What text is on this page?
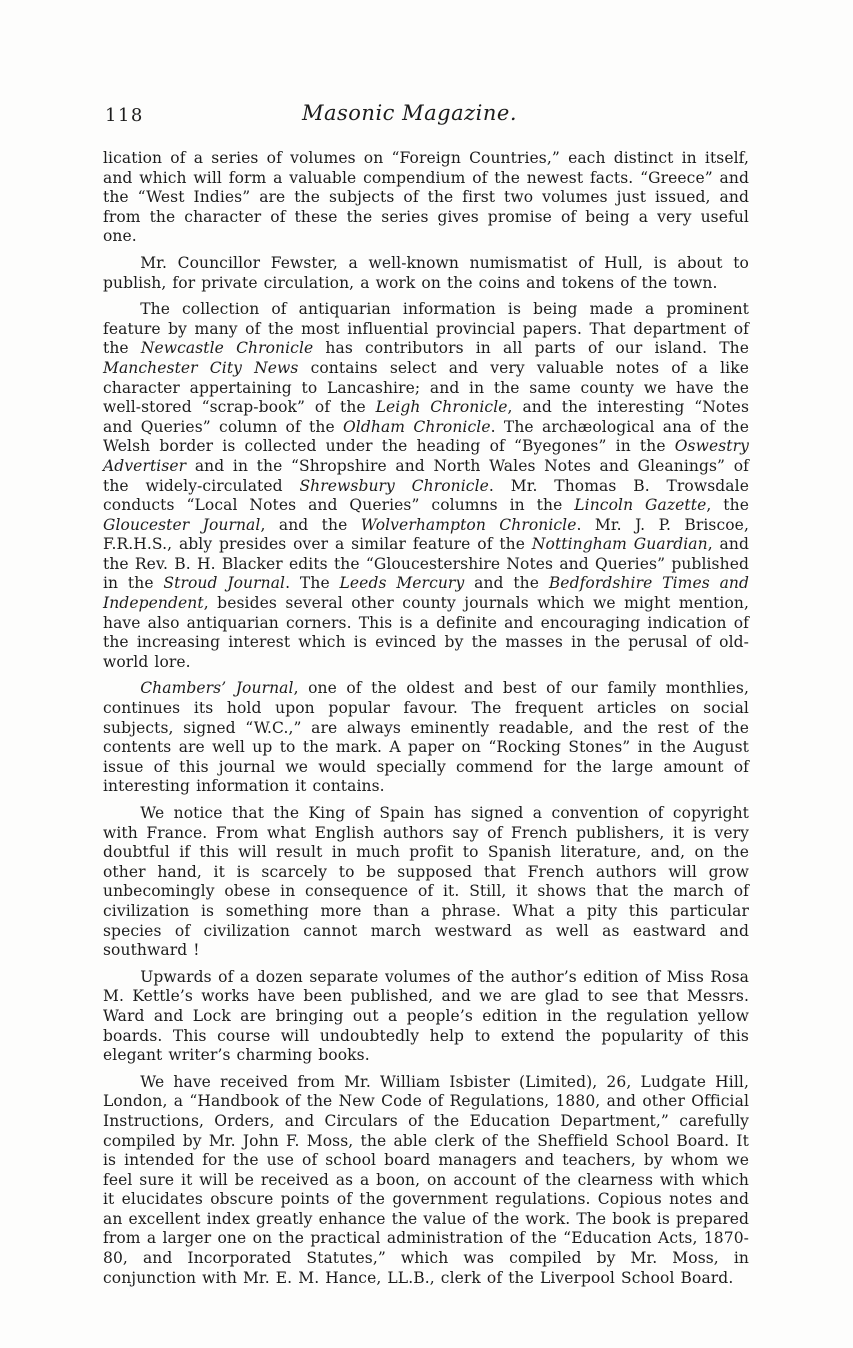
118	Masonic Magazine.

lication of a series of volumes on “Foreign Countries,” each distinct in itself, and which will form a valuable compendium of the newest facts. “Greece” and the “West Indies” are the subjects of the first two volumes just issued, and from the character of these the series gives promise of being a very useful one.

Mr. Councillor Fewster, a well-known numismatist of Hull, is about to publish, for private circulation, a work on the coins and tokens of the town.

The collection of antiquarian information is being made a prominent feature by many of the most influential provincial papers. That department of the Newcastle Chronicle has contributors in all parts of our island. The Manchester City News contains select and very valuable notes of a like character appertaining to Lancashire; and in the same county we have the well-stored “scrap-book” of the Leigh Chronicle, and the interesting “Notes and Queries” column of the Oldham Chronicle. The archæological ana of the Welsh border is collected under the heading of “Byegones” in the Oswestry Advertiser and in the “Shropshire and North Wales Notes and Gleanings” of the widely-circulated Shrewsbury Chronicle. Mr. Thomas B. Trowsdale conducts “Local Notes and Queries” columns in the Lincoln Gazette, the Gloucester Journal, and the Wolverhampton Chronicle. Mr. J. P. Briscoe, F.R.H.S., ably presides over a similar feature of the Nottingham Guardian, and the Rev. B. H. Blacker edits the “Gloucestershire Notes and Queries” published in the Stroud Journal. The Leeds Mercury and the Bedfordshire Times and Independent, besides several other county journals which we might mention, have also antiquarian corners. This is a definite and encouraging indication of the increasing interest which is evinced by the masses in the perusal of old-world lore.

Chambers’ Journal, one of the oldest and best of our family monthlies, continues its hold upon popular favour. The frequent articles on social subjects, signed “W.C.,” are always eminently readable, and the rest of the contents are well up to the mark. A paper on “Rocking Stones” in the August issue of this journal we would specially commend for the large amount of interesting information it contains.

We notice that the King of Spain has signed a convention of copyright with France. From what English authors say of French publishers, it is very doubtful if this will result in much profit to Spanish literature, and, on the other hand, it is scarcely to be supposed that French authors will grow unbecomingly obese in consequence of it. Still, it shows that the march of civilization is something more than a phrase. What a pity this particular species of civilization cannot march westward as well as eastward and southward !

Upwards of a dozen separate volumes of the author’s edition of Miss Rosa M. Kettle’s works have been published, and we are glad to see that Messrs. Ward and Lock are bringing out a people’s edition in the regulation yellow boards. This course will undoubtedly help to extend the popularity of this elegant writer’s charming books.

We have received from Mr. William Isbister (Limited), 26, Ludgate Hill, London, a “Handbook of the New Code of Regulations, 1880, and other Official Instructions, Orders, and Circulars of the Education Department,” carefully compiled by Mr. John F. Moss, the able clerk of the Sheffield School Board. It is intended for the use of school board managers and teachers, by whom we feel sure it will be received as a boon, on account of the clearness with which it elucidates obscure points of the government regulations. Copious notes and an excellent index greatly enhance the value of the work. The book is prepared from a larger one on the practical administration of the “Education Acts, 1870-80, and Incorporated Statutes,” which was compiled by Mr. Moss, in conjunction with Mr. E. M. Hance, LL.B., clerk of the Liverpool School Board.
